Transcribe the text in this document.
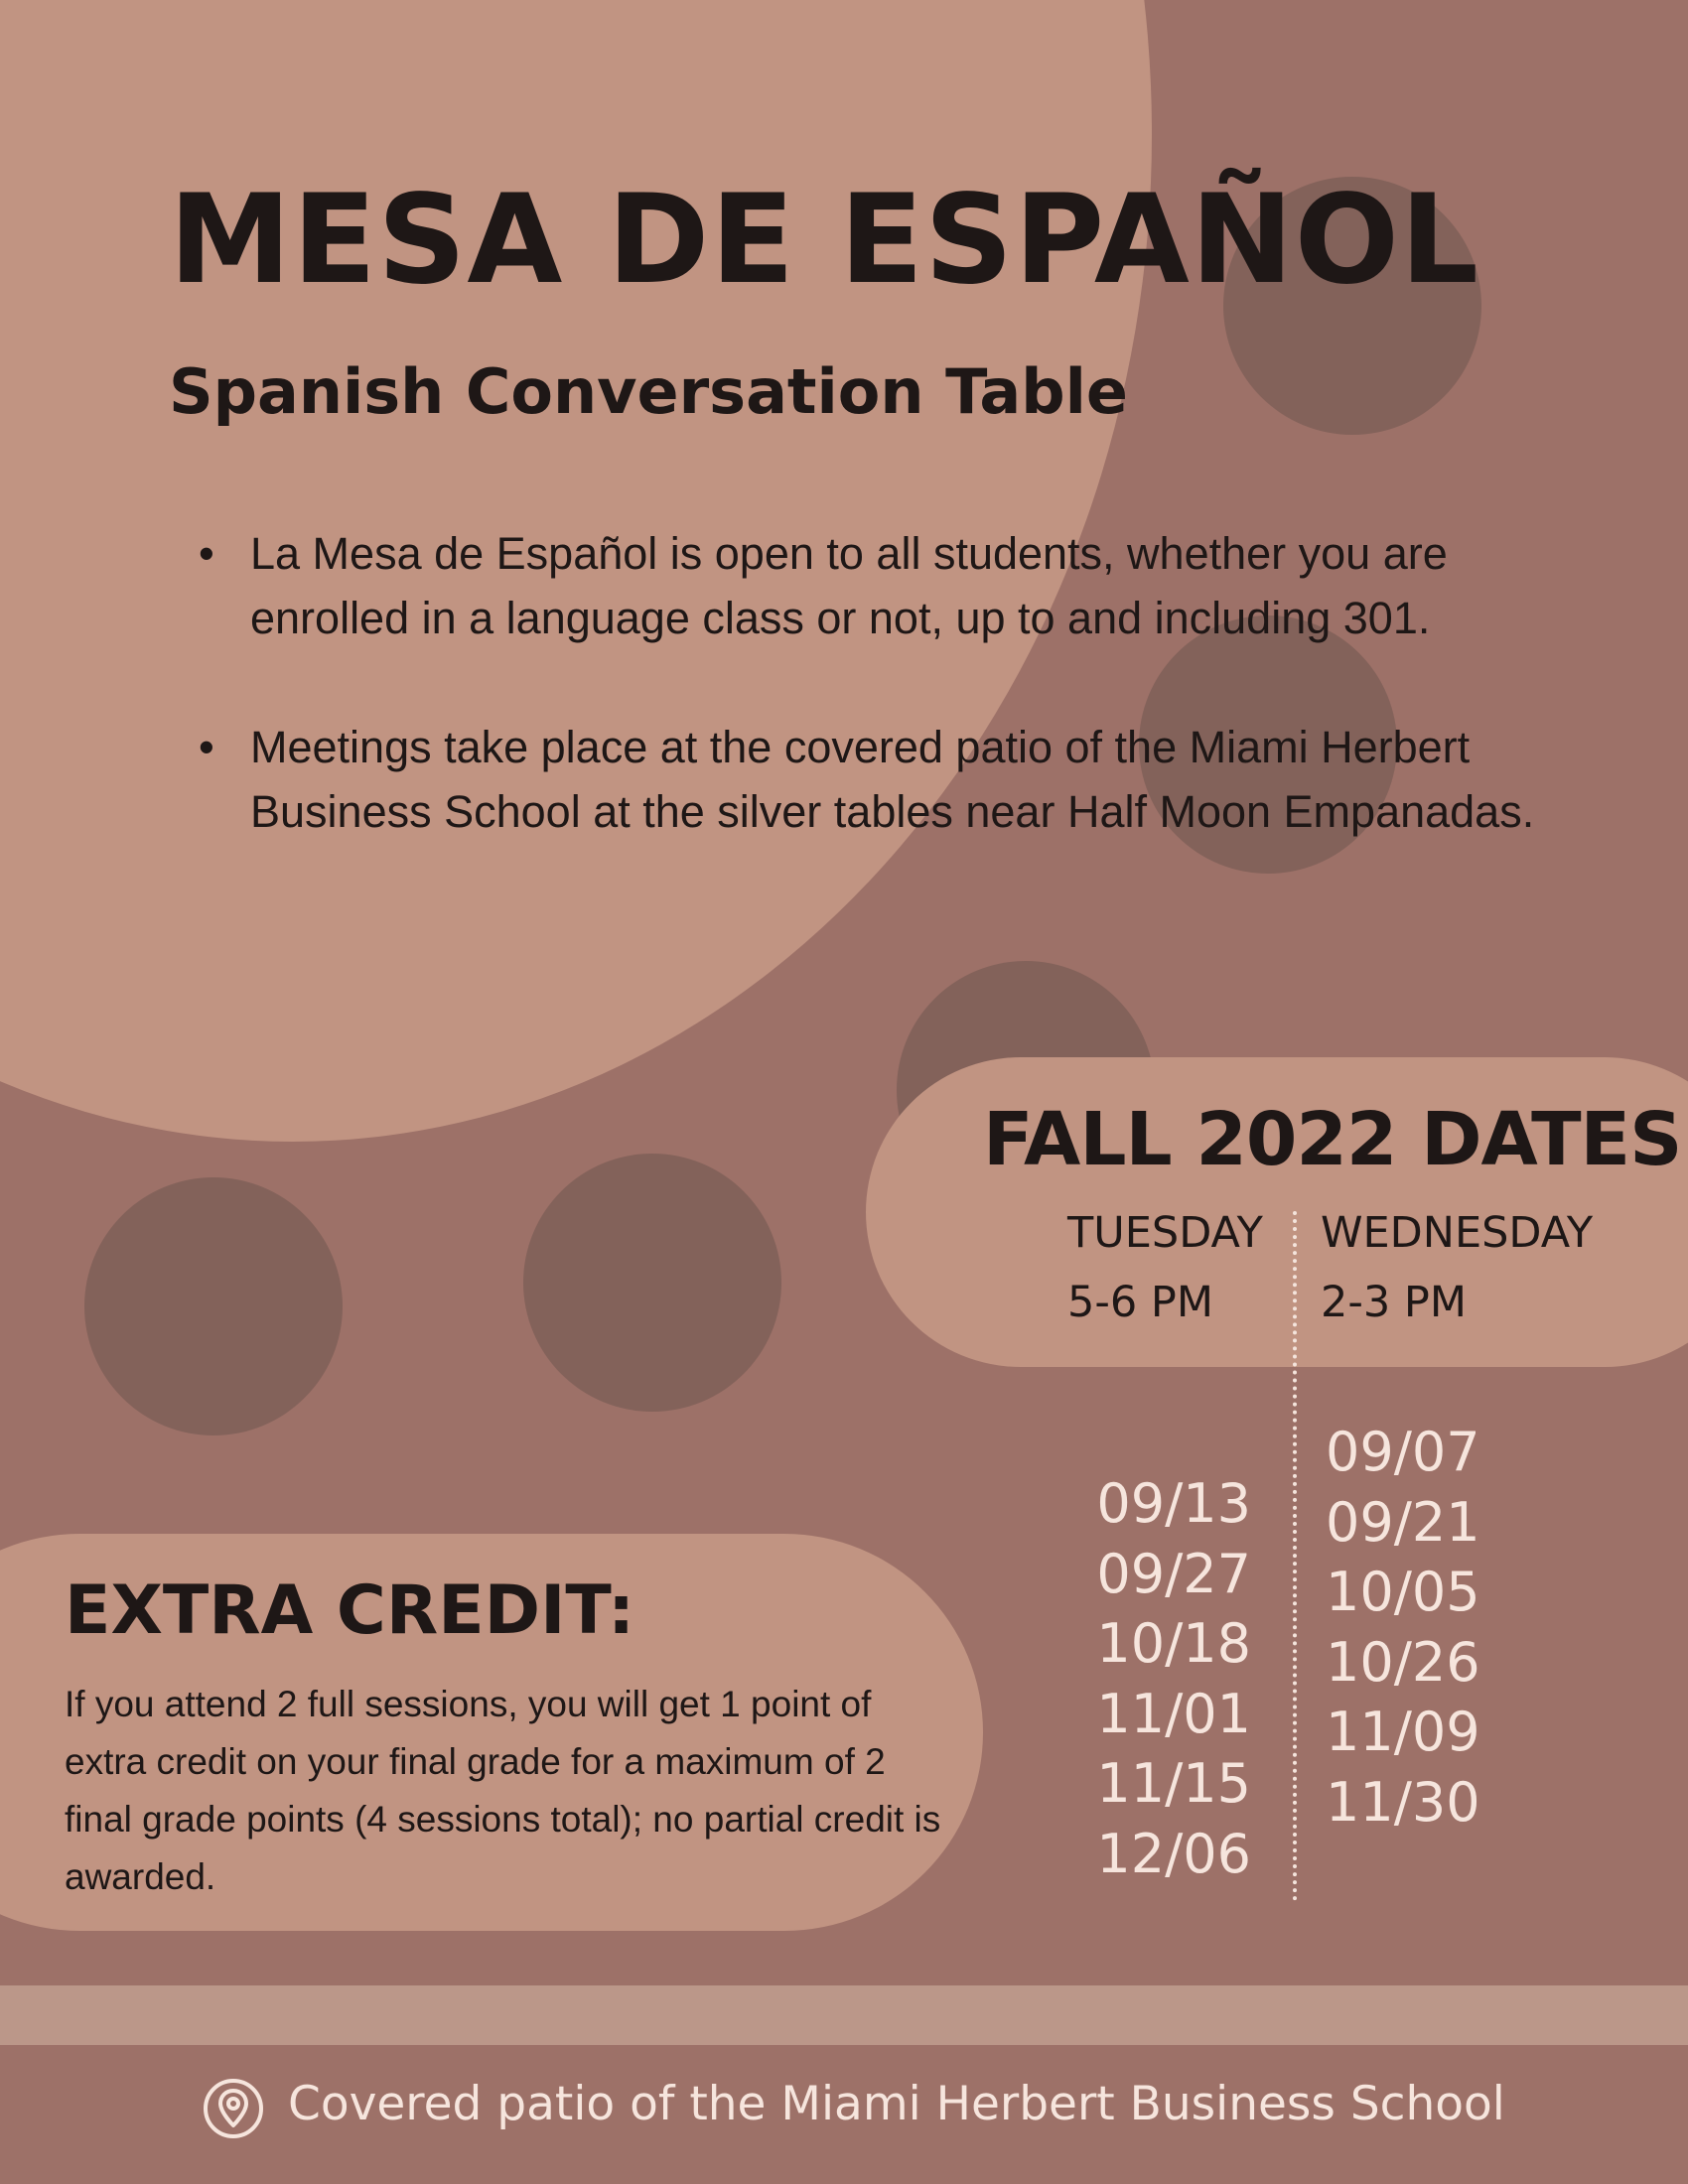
MESA DE ESPAÑOL
Spanish Conversation Table
• La Mesa de Español is open to all students, whether you are enrolled in a language class or not, up to and including 301.
• Meetings take place at the covered patio of the Miami Herbert Business School at the silver tables near Half Moon Empanadas.
FALL 2022 DATES
TUESDAY
5-6 PM
WEDNESDAY
2-3 PM
09/13
09/27
10/18
11/01
11/15
12/06
09/07
09/21
10/05
10/26
11/09
11/30
EXTRA CREDIT:

If you attend 2 full sessions, you will get 1 point of extra credit on your final grade for a maximum of 2 final grade points (4 sessions total); no partial credit is awarded.

Covered patio of the Miami Herbert Business School
